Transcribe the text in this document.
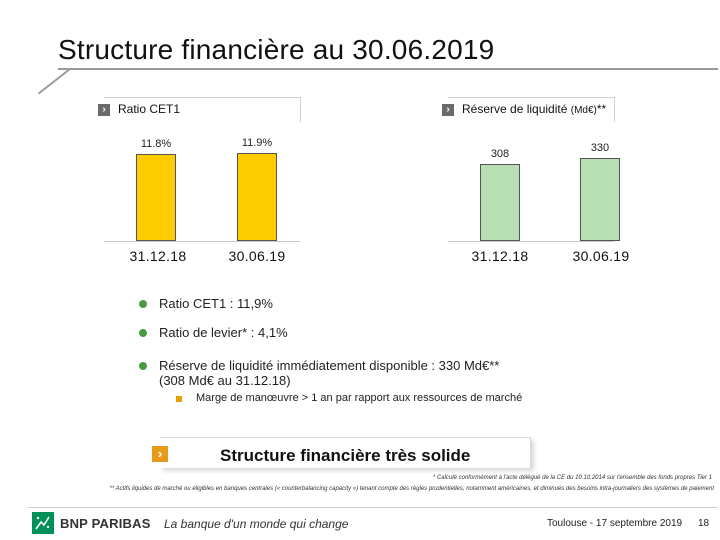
Structure financière au 30.06.2019
›	Ratio CET1	›	Réserve de liquidité (Md€)**
11.8%	11.9%
31.12.18	30.06.19
308	330
31.12.18	30.06.19
Ratio CET1 : 11,9%
Ratio de levier* : 4,1%
Réserve de liquidité immédiatement disponible : 330 Md€**
(308 Md€ au 31.12.18)
Marge de manœuvre > 1 an par rapport aux ressources de marché
›	Structure financière très solide
* Calculé conformément à l'acte délégué de la CE du 10.10.2014 sur l'ensemble des fonds propres Tier 1
** Actifs liquides de marché ou éligibles en banques centrales (« counterbalancing capacity ») tenant compte des règles prudentielles, notamment américaines, et diminués des besoins intra-journaliers des systèmes de paiement
BNP PARIBAS La banque d'un monde qui change	Toulouse - 17 septembre 2019 18
